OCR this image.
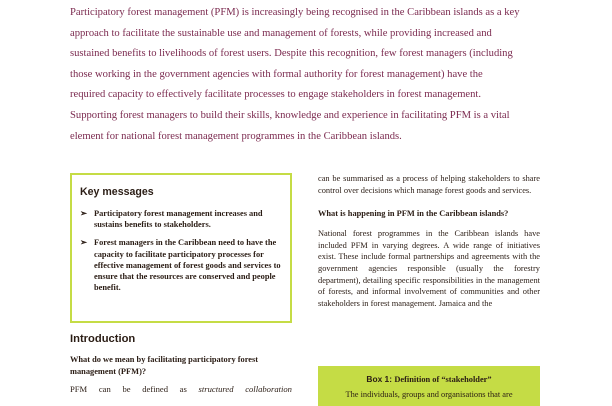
Participatory forest management (PFM) is increasingly being recognised in the Caribbean islands as a key

approach to facilitate the sustainable use and management of forests, while providing increased and

sustained benefits to livelihoods of forest users. Despite this recognition, few forest managers (including

those working in the government agencies with formal authority for forest management) have the

required capacity to effectively facilitate processes to engage stakeholders in forest management.

Supporting forest managers to build their skills, knowledge and experience in facilitating PFM is a vital

element for national forest management programmes in the Caribbean islands.

Key messages
➢ Participatory forest management increases and sustains benefits to stakeholders.
➢ Forest managers in the Caribbean need to have the capacity to facilitate participatory processes for effective management of forest goods and services to ensure that the resources are conserved and people benefit.
Introduction

What do we mean by facilitating participatory forest management (PFM)?

PFM can be defined as structured collaboration

can be summarised as a process of helping stakeholders to share control over decisions which manage forest goods and services.

What is happening in PFM in the Caribbean islands?

National forest programmes in the Caribbean islands have included PFM in varying degrees. A wide range of initiatives exist. These include formal partnerships and agreements with the government agencies responsible (usually the forestry department), detailing specific responsibilities in the management of forests, and informal involvement of communities and other stakeholders in forest management. Jamaica and the

Box 1: Definition of “stakeholder”
The individuals, groups and organisations that are
